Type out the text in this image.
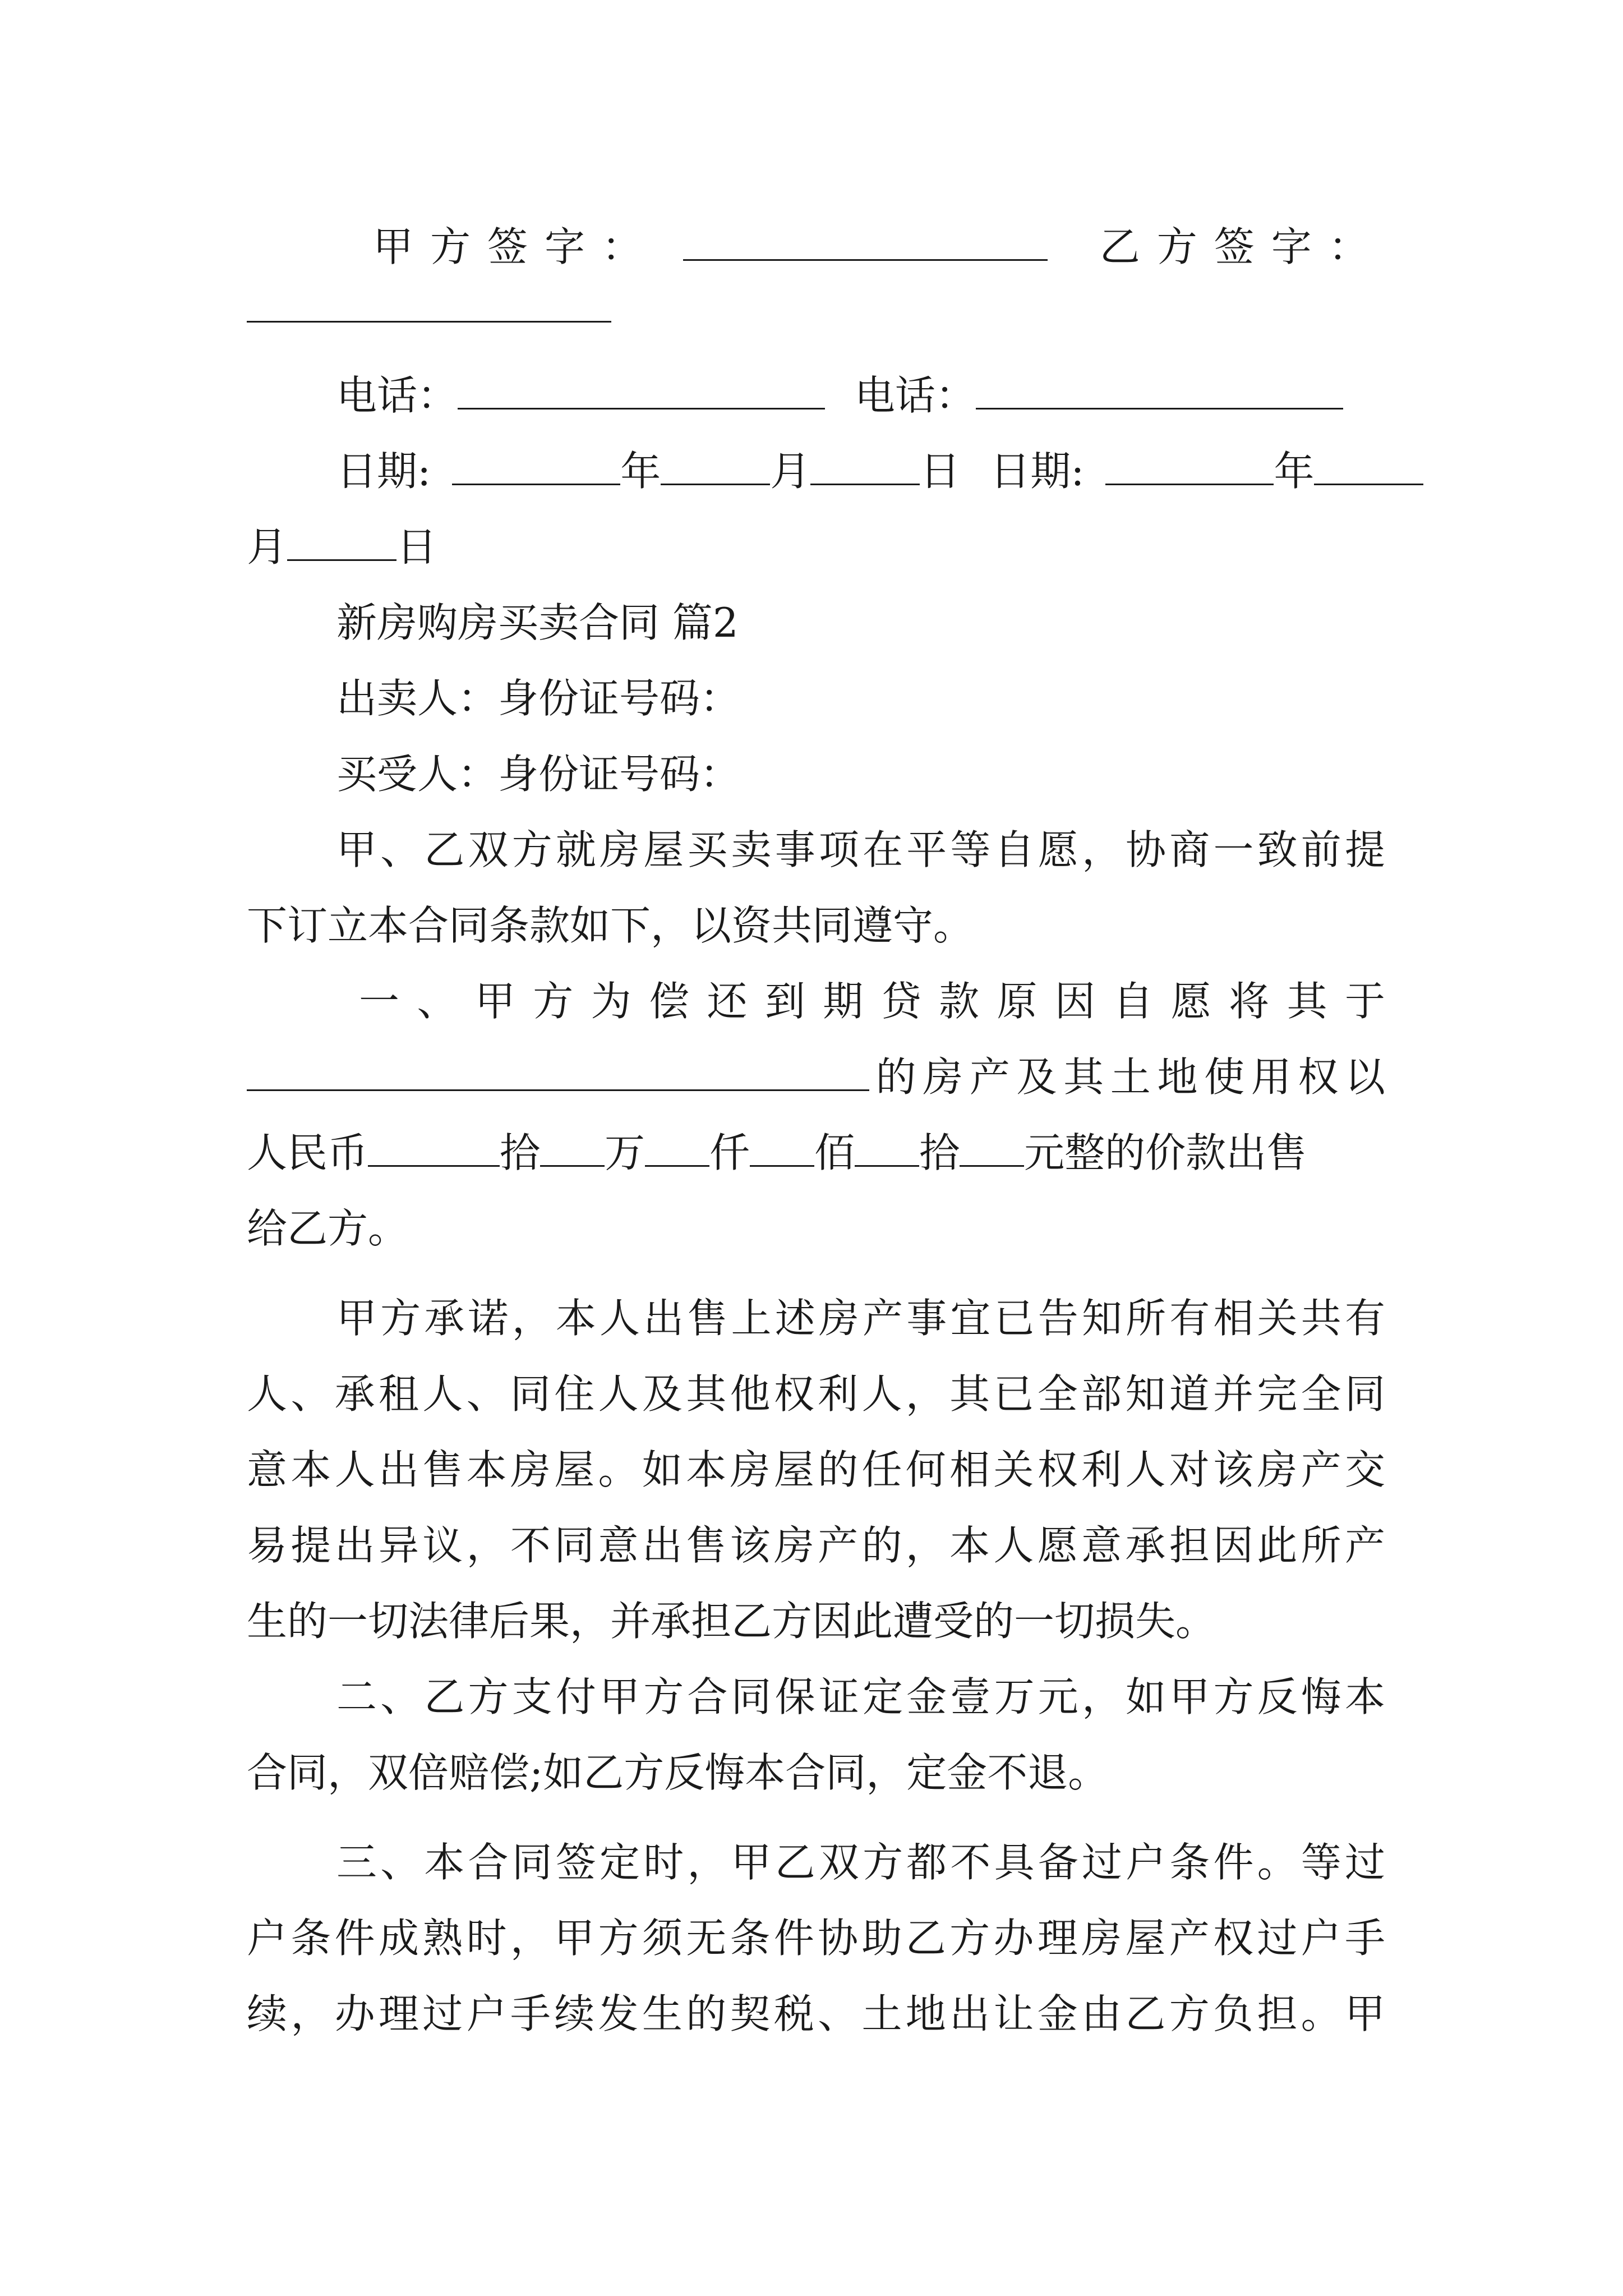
甲方签字：	乙方签字：
电话：	电话：
日期:	年	月	日 日期:	年
月	日
新房购房买卖合同 篇2
出卖人：身份证号码：
买受人：身份证号码：
甲、乙双方就房屋买卖事项在平等自愿，协商一致前提
下订立本合同条款如下，以资共同遵守。
一、甲方为偿还到期贷款原因自愿将其于
的房产及其土地使用权以
人民币	拾 万 仟 佰 拾 元整的价款出售
给乙方。
甲方承诺，本人出售上述房产事宜已告知所有相关共有
人、承租人、同住人及其他权利人，其已全部知道并完全同
意本人出售本房屋。如本房屋的任何相关权利人对该房产交
易提出异议，不同意出售该房产的，本人愿意承担因此所产
生的一切法律后果，并承担乙方因此遭受的一切损失。
二、乙方支付甲方合同保证定金壹万元，如甲方反悔本
合同，双倍赔偿;如乙方反悔本合同，定金不退。
三、本合同签定时，甲乙双方都不具备过户条件。等过
户条件成熟时，甲方须无条件协助乙方办理房屋产权过户手
续，办理过户手续发生的契税、土地出让金由乙方负担。甲
